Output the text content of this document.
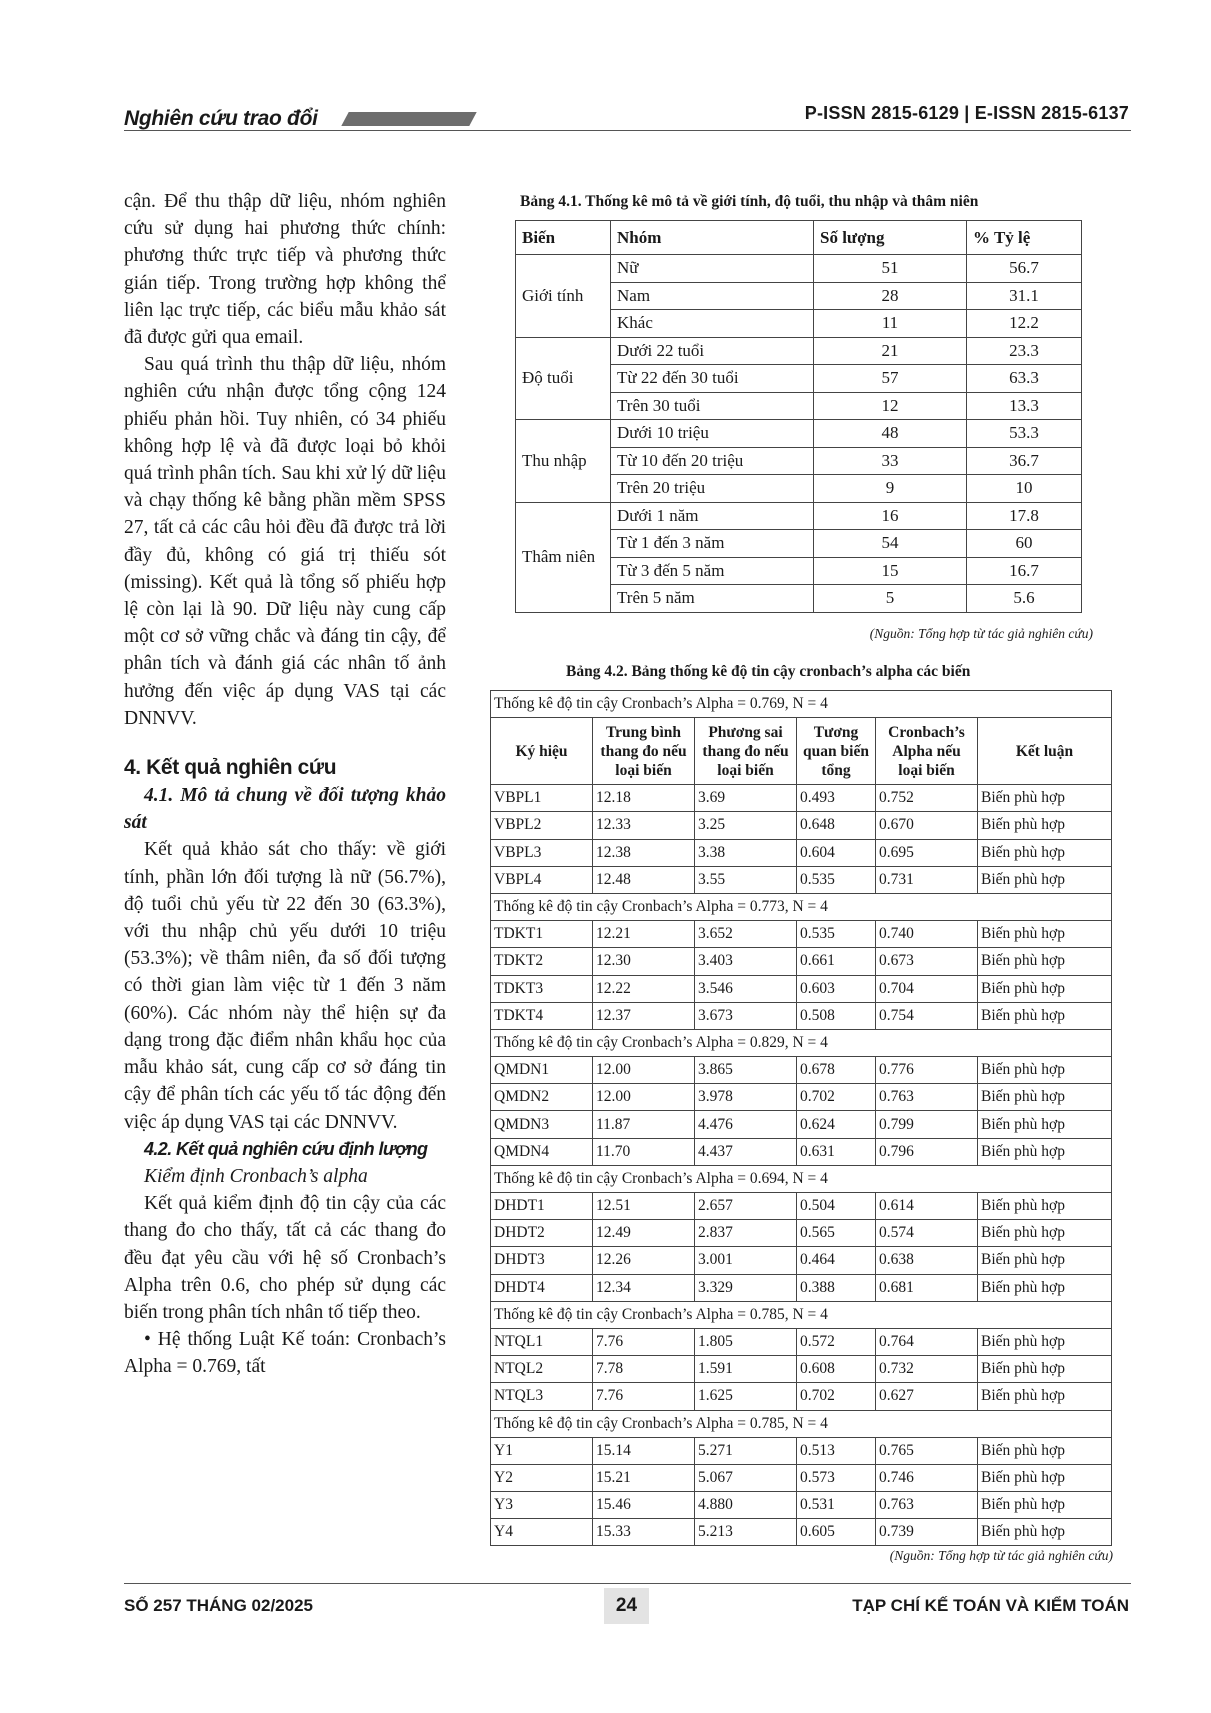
Nghiên cứu trao đổi	P-ISSN 2815-6129 | E-ISSN 2815-6137

cận. Để thu thập dữ liệu, nhóm nghiên cứu sử dụng hai phương thức chính: phương thức trực tiếp và phương thức gián tiếp. Trong trường hợp không thể liên lạc trực tiếp, các biểu mẫu khảo sát đã được gửi qua email.

Sau quá trình thu thập dữ liệu, nhóm nghiên cứu nhận được tổng cộng 124 phiếu phản hồi. Tuy nhiên, có 34 phiếu không hợp lệ và đã được loại bỏ khỏi quá trình phân tích. Sau khi xử lý dữ liệu và chạy thống kê bằng phần mềm SPSS 27, tất cả các câu hỏi đều đã được trả lời đầy đủ, không có giá trị thiếu sót (missing). Kết quả là tổng số phiếu hợp lệ còn lại là 90. Dữ liệu này cung cấp một cơ sở vững chắc và đáng tin cậy, để phân tích và đánh giá các nhân tố ảnh hưởng đến việc áp dụng VAS tại các DNNVV.

4. Kết quả nghiên cứu

4.1. Mô tả chung về đối tượng khảo sát

Kết quả khảo sát cho thấy: về giới tính, phần lớn đối tượng là nữ (56.7%), độ tuổi chủ yếu từ 22 đến 30 (63.3%), với thu nhập chủ yếu dưới 10 triệu (53.3%); về thâm niên, đa số đối tượng có thời gian làm việc từ 1 đến 3 năm (60%). Các nhóm này thể hiện sự đa dạng trong đặc điểm nhân khẩu học của mẫu khảo sát, cung cấp cơ sở đáng tin cậy để phân tích các yếu tố tác động đến việc áp dụng VAS tại các DNNVV.

4.2. Kết quả nghiên cứu định lượng

Kiểm định Cronbach’s alpha

Kết quả kiểm định độ tin cậy của các thang đo cho thấy, tất cả các thang đo đều đạt yêu cầu với hệ số Cronbach’s Alpha trên 0.6, cho phép sử dụng các biến trong phân tích nhân tố tiếp theo.

• Hệ thống Luật Kế toán: Cronbach’s Alpha = 0.769, tất

Bảng 4.1. Thống kê mô tả về giới tính, độ tuổi, thu nhập và thâm niên
Biến	Nhóm	Số lượng	% Tỷ lệ
Giới tính	Nữ	51	56.7
	Nam	28	31.1
	Khác	11	12.2
Độ tuổi	Dưới 22 tuổi	21	23.3
	Từ 22 đến 30 tuổi	57	63.3
	Trên 30 tuổi	12	13.3
Thu nhập	Dưới 10 triệu	48	53.3
	Từ 10 đến 20 triệu	33	36.7
	Trên 20 triệu	9	10
Thâm niên	Dưới 1 năm	16	17.8
	Từ 1 đến 3 năm	54	60
	Từ 3 đến 5 năm	15	16.7
	Trên 5 năm	5	5.6
(Nguồn: Tổng hợp từ tác giả nghiên cứu)
Bảng 4.2. Bảng thống kê độ tin cậy cronbach’s alpha các biến
Thống kê độ tin cậy Cronbach’s Alpha = 0.769, N = 4					
Ký hiệu	Trung bình thang đo nếu loại biến	Phương sai thang đo nếu loại biến	Tương quan biến tổng	Cronbach’s Alpha nếu loại biến	Kết luận
VBPL1	12.18	3.69	0.493	0.752	Biến phù hợp
VBPL2	12.33	3.25	0.648	0.670	Biến phù hợp
VBPL3	12.38	3.38	0.604	0.695	Biến phù hợp
VBPL4	12.48	3.55	0.535	0.731	Biến phù hợp
Thống kê độ tin cậy Cronbach’s Alpha = 0.773, N = 4					
TDKT1	12.21	3.652	0.535	0.740	Biến phù hợp
TDKT2	12.30	3.403	0.661	0.673	Biến phù hợp
TDKT3	12.22	3.546	0.603	0.704	Biến phù hợp
TDKT4	12.37	3.673	0.508	0.754	Biến phù hợp
Thống kê độ tin cậy Cronbach’s Alpha = 0.829, N = 4					
QMDN1	12.00	3.865	0.678	0.776	Biến phù hợp
QMDN2	12.00	3.978	0.702	0.763	Biến phù hợp
QMDN3	11.87	4.476	0.624	0.799	Biến phù hợp
QMDN4	11.70	4.437	0.631	0.796	Biến phù hợp
Thống kê độ tin cậy Cronbach’s Alpha = 0.694, N = 4					
DHDT1	12.51	2.657	0.504	0.614	Biến phù hợp
DHDT2	12.49	2.837	0.565	0.574	Biến phù hợp
DHDT3	12.26	3.001	0.464	0.638	Biến phù hợp
DHDT4	12.34	3.329	0.388	0.681	Biến phù hợp
Thống kê độ tin cậy Cronbach’s Alpha = 0.785, N = 4					
NTQL1	7.76	1.805	0.572	0.764	Biến phù hợp
NTQL2	7.78	1.591	0.608	0.732	Biến phù hợp
NTQL3	7.76	1.625	0.702	0.627	Biến phù hợp
Thống kê độ tin cậy Cronbach’s Alpha = 0.785, N = 4					
Y1	15.14	5.271	0.513	0.765	Biến phù hợp
Y2	15.21	5.067	0.573	0.746	Biến phù hợp
Y3	15.46	4.880	0.531	0.763	Biến phù hợp
Y4	15.33	5.213	0.605	0.739	Biến phù hợp
(Nguồn: Tổng hợp từ tác giả nghiên cứu)
SỐ 257 THÁNG 02/2025	24	TẠP CHÍ KẾ TOÁN VÀ KIỂM TOÁN
